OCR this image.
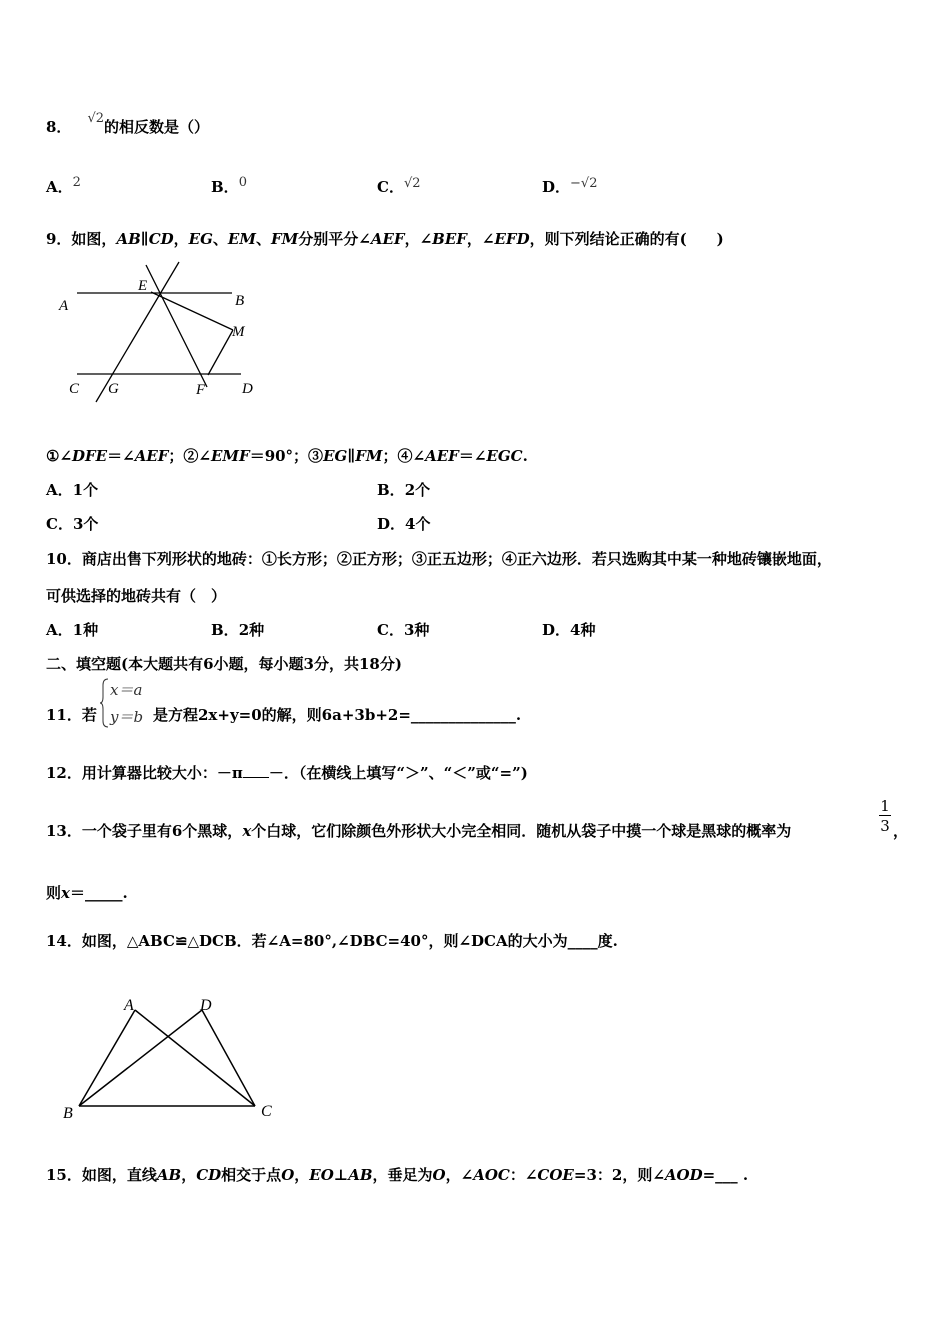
8． √2的相反数是（）
A．2	B．0	C．√2	D．−√2
9．如图，AB∥CD，EG、EM、FM分别平分∠AEF，∠BEF，∠EFD，则下列结论正确的有(　　)
A	B
C	D
E
F
G
M
①∠DFE＝∠AEF；②∠EMF＝90°；③EG∥FM；④∠AEF＝∠EGC.
A．1个	B．2个
C．3个	D．4个
10．商店出售下列形状的地砖：①长方形；②正方形；③正五边形；④正六边形．若只选购其中某一种地砖镶嵌地面，
可供选择的地砖共有（　）
A．1种	B．2种	C．3种	D．4种
二、填空题(本大题共有6小题，每小题3分，共18分)
11．若
x＝a
y＝b 是方程2x+y=0的解，则6a+3b+2=______________.
12．用计算器比较大小：－π －．（在横线上填写“＞”、“＜”或“=”)
13．一个袋子里有6个黑球，x个白球，它们除颜色外形状大小完全相同．随机从袋子中摸一个球是黑球的概率为
1
3 ，
则x＝_____.
14．如图，△ABC≌△DCB．若∠A=80°,∠DBC=40°，则∠DCA的大小为____度.
A	D
B	C
15．如图，直线AB，CD相交于点O，EO⊥AB，垂足为O，∠AOC：∠COE=3：2，则∠AOD=___ .
